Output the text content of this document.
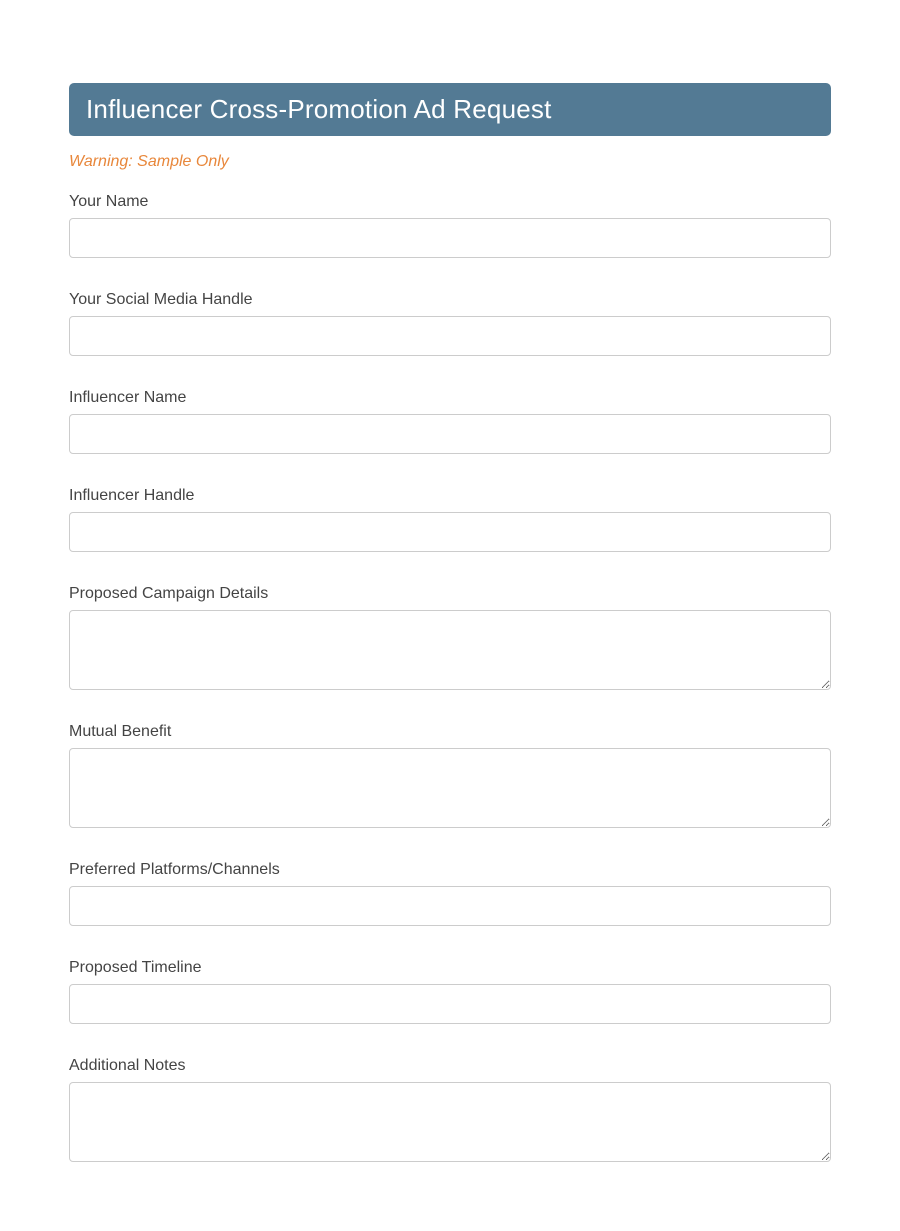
Influencer Cross-Promotion Ad Request

Warning: Sample Only

Your Name
Your Social Media Handle
Influencer Name
Influencer Handle
Proposed Campaign Details
Mutual Benefit
Preferred Platforms/Channels
Proposed Timeline
Additional Notes
